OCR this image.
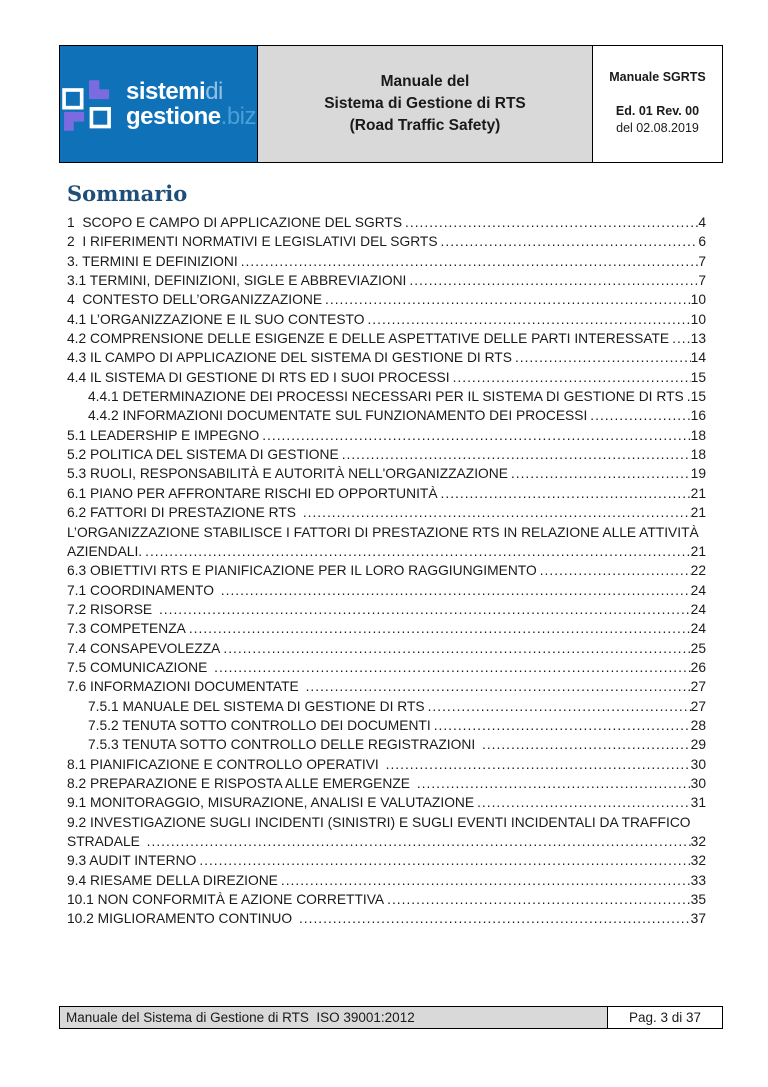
sistemidi
gestione.biz
Manuale del
Sistema di Gestione di RTS
(Road Traffic Safety)
Manuale SGRTS
Ed. 01 Rev. 00
del 02.08.2019
Sommario
1  SCOPO E CAMPO DI APPLICAZIONE DEL SGRTS .....	4
2  I RIFERIMENTI NORMATIVI E LEGISLATIVI DEL SGRTS .....	6
3. TERMINI E DEFINIZIONI .....	7
3.1 TERMINI, DEFINIZIONI, SIGLE E ABBREVIAZIONI .....	7
4  CONTESTO DELL’ORGANIZZAZIONE .....	10
4.1 L’ORGANIZZAZIONE E IL SUO CONTESTO .....	10
4.2 COMPRENSIONE DELLE ESIGENZE E DELLE ASPETTATIVE DELLE PARTI INTERESSATE ..... 13
4.3 IL CAMPO DI APPLICAZIONE DEL SISTEMA DI GESTIONE DI RTS .....	14
4.4 IL SISTEMA DI GESTIONE DI RTS ED I SUOI PROCESSI .....	15
4.4.1 DETERMINAZIONE DEI PROCESSI NECESSARI PER IL SISTEMA DI GESTIONE DI RTS ..... 15
4.4.2 INFORMAZIONI DOCUMENTATE SUL FUNZIONAMENTO DEI PROCESSI .....	16
5.1 LEADERSHIP E IMPEGNO .....	18
5.2 POLITICA DEL SISTEMA DI GESTIONE .....	18
5.3 RUOLI, RESPONSABILITÀ E AUTORITÀ NELL'ORGANIZZAZIONE .....	19
6.1 PIANO PER AFFRONTARE RISCHI ED OPPORTUNITÀ .....	21
6.2 FATTORI DI PRESTAZIONE RTS .....	21
L’ORGANIZZAZIONE STABILISCE I FATTORI DI PRESTAZIONE RTS IN RELAZIONE ALLE ATTIVITÀ
AZIENDALI. .....	21
6.3 OBIETTIVI RTS E PIANIFICAZIONE PER IL LORO RAGGIUNGIMENTO .....	22
7.1 COORDINAMENTO .....	24
7.2 RISORSE .....	24
7.3 COMPETENZA .....	24
7.4 CONSAPEVOLEZZA .....	25
7.5 COMUNICAZIONE .....	26
7.6 INFORMAZIONI DOCUMENTATE .....	27
7.5.1 MANUALE DEL SISTEMA DI GESTIONE DI RTS .....	27
7.5.2 TENUTA SOTTO CONTROLLO DEI DOCUMENTI .....	28
7.5.3 TENUTA SOTTO CONTROLLO DELLE REGISTRAZIONI .....	29
8.1 PIANIFICAZIONE E CONTROLLO OPERATIVI .....	30
8.2 PREPARAZIONE E RISPOSTA ALLE EMERGENZE .....	30
9.1 MONITORAGGIO, MISURAZIONE, ANALISI E VALUTAZIONE .....	31
9.2 INVESTIGAZIONE SUGLI INCIDENTI (SINISTRI) E SUGLI EVENTI INCIDENTALI DA TRAFFICO
STRADALE .....	32
9.3 AUDIT INTERNO .....	32
9.4 RIESAME DELLA DIREZIONE .....	33
10.1 NON CONFORMITÀ E AZIONE CORRETTIVA .....	35
10.2 MIGLIORAMENTO CONTINUO .....	37
Manuale del Sistema di Gestione di RTS  ISO 39001:2012	Pag. 3 di 37
